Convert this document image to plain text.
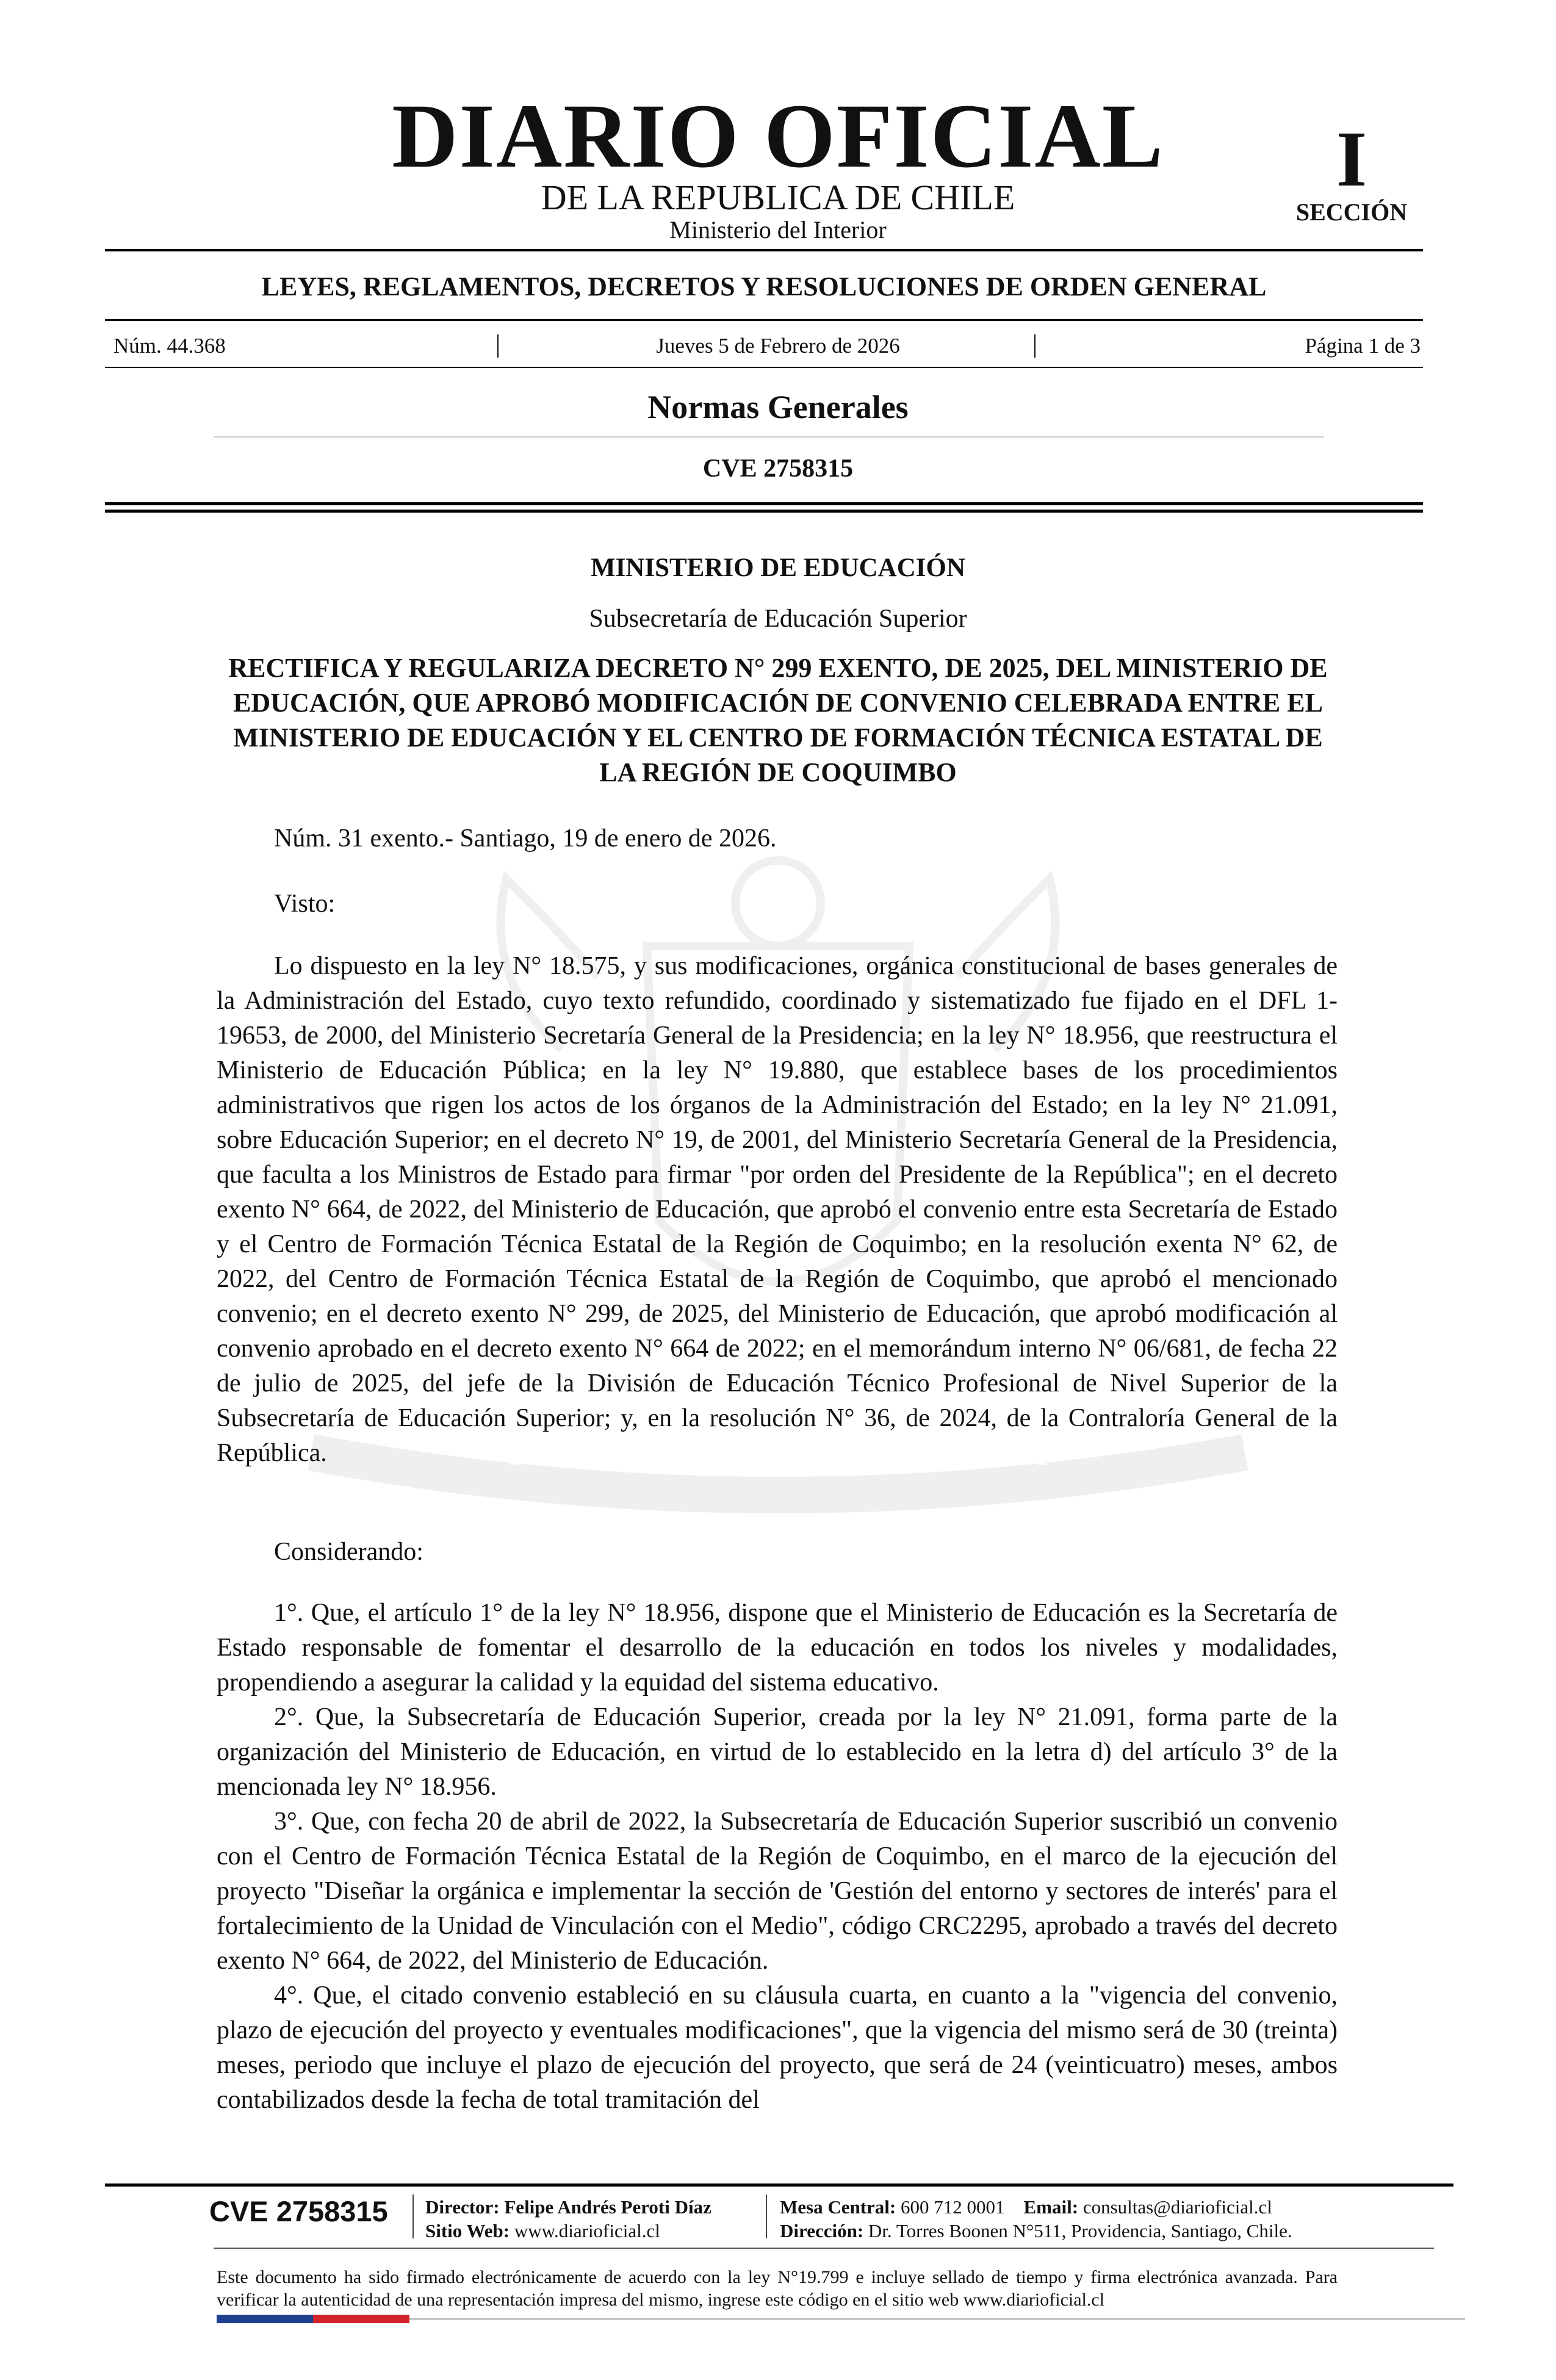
POR LA RAZÓN O LA FUERZA
DIARIO OFICIAL
DE LA REPUBLICA DE CHILE
Ministerio del Interior
I
SECCIÓN
LEYES, REGLAMENTOS, DECRETOS Y RESOLUCIONES DE ORDEN GENERAL
Núm. 44.368	Jueves 5 de Febrero de 2026	Página 1 de 3
Normas Generales
CVE 2758315
MINISTERIO DE EDUCACIÓN
Subsecretaría de Educación Superior
RECTIFICA Y REGULARIZA DECRETO N° 299 EXENTO, DE 2025, DEL MINISTERIO DE EDUCACIÓN, QUE APROBÓ MODIFICACIÓN DE CONVENIO CELEBRADA ENTRE EL MINISTERIO DE EDUCACIÓN Y EL CENTRO DE FORMACIÓN TÉCNICA ESTATAL DE LA REGIÓN DE COQUIMBO
Núm. 31 exento.- Santiago, 19 de enero de 2026.
Visto:
Lo dispuesto en la ley N° 18.575, y sus modificaciones, orgánica constitucional de bases generales de la Administración del Estado, cuyo texto refundido, coordinado y sistematizado fue fijado en el DFL 1-19653, de 2000, del Ministerio Secretaría General de la Presidencia; en la ley N° 18.956, que reestructura el Ministerio de Educación Pública; en la ley N° 19.880, que establece bases de los procedimientos administrativos que rigen los actos de los órganos de la Administración del Estado; en la ley N° 21.091, sobre Educación Superior; en el decreto N° 19, de 2001, del Ministerio Secretaría General de la Presidencia, que faculta a los Ministros de Estado para firmar "por orden del Presidente de la República"; en el decreto exento N° 664, de 2022, del Ministerio de Educación, que aprobó el convenio entre esta Secretaría de Estado y el Centro de Formación Técnica Estatal de la Región de Coquimbo; en la resolución exenta N° 62, de 2022, del Centro de Formación Técnica Estatal de la Región de Coquimbo, que aprobó el mencionado convenio; en el decreto exento N° 299, de 2025, del Ministerio de Educación, que aprobó modificación al convenio aprobado en el decreto exento N° 664 de 2022; en el memorándum interno N° 06/681, de fecha 22 de julio de 2025, del jefe de la División de Educación Técnico Profesional de Nivel Superior de la Subsecretaría de Educación Superior; y, en la resolución N° 36, de 2024, de la Contraloría General de la República.
Considerando:
1°. Que, el artículo 1° de la ley N° 18.956, dispone que el Ministerio de Educación es la Secretaría de Estado responsable de fomentar el desarrollo de la educación en todos los niveles y modalidades, propendiendo a asegurar la calidad y la equidad del sistema educativo.
2°. Que, la Subsecretaría de Educación Superior, creada por la ley N° 21.091, forma parte de la organización del Ministerio de Educación, en virtud de lo establecido en la letra d) del artículo 3° de la mencionada ley N° 18.956.
3°. Que, con fecha 20 de abril de 2022, la Subsecretaría de Educación Superior suscribió un convenio con el Centro de Formación Técnica Estatal de la Región de Coquimbo, en el marco de la ejecución del proyecto "Diseñar la orgánica e implementar la sección de 'Gestión del entorno y sectores de interés' para el fortalecimiento de la Unidad de Vinculación con el Medio", código CRC2295, aprobado a través del decreto exento N° 664, de 2022, del Ministerio de Educación.
4°. Que, el citado convenio estableció en su cláusula cuarta, en cuanto a la "vigencia del convenio, plazo de ejecución del proyecto y eventuales modificaciones", que la vigencia del mismo será de 30 (treinta) meses, periodo que incluye el plazo de ejecución del proyecto, que será de 24 (veinticuatro) meses, ambos contabilizados desde la fecha de total tramitación del
CVE 2758315 Director: Felipe Andrés Peroti Díaz
Sitio Web: www.diarioficial.cl
Mesa Central: 600 712 0001 Email: consultas@diarioficial.cl
Dirección: Dr. Torres Boonen N°511, Providencia, Santiago, Chile.
Este documento ha sido firmado electrónicamente de acuerdo con la ley N°19.799 e incluye sellado de tiempo y firma electrónica avanzada. Para verificar la autenticidad de una representación impresa del mismo, ingrese este código en el sitio web www.diarioficial.cl
